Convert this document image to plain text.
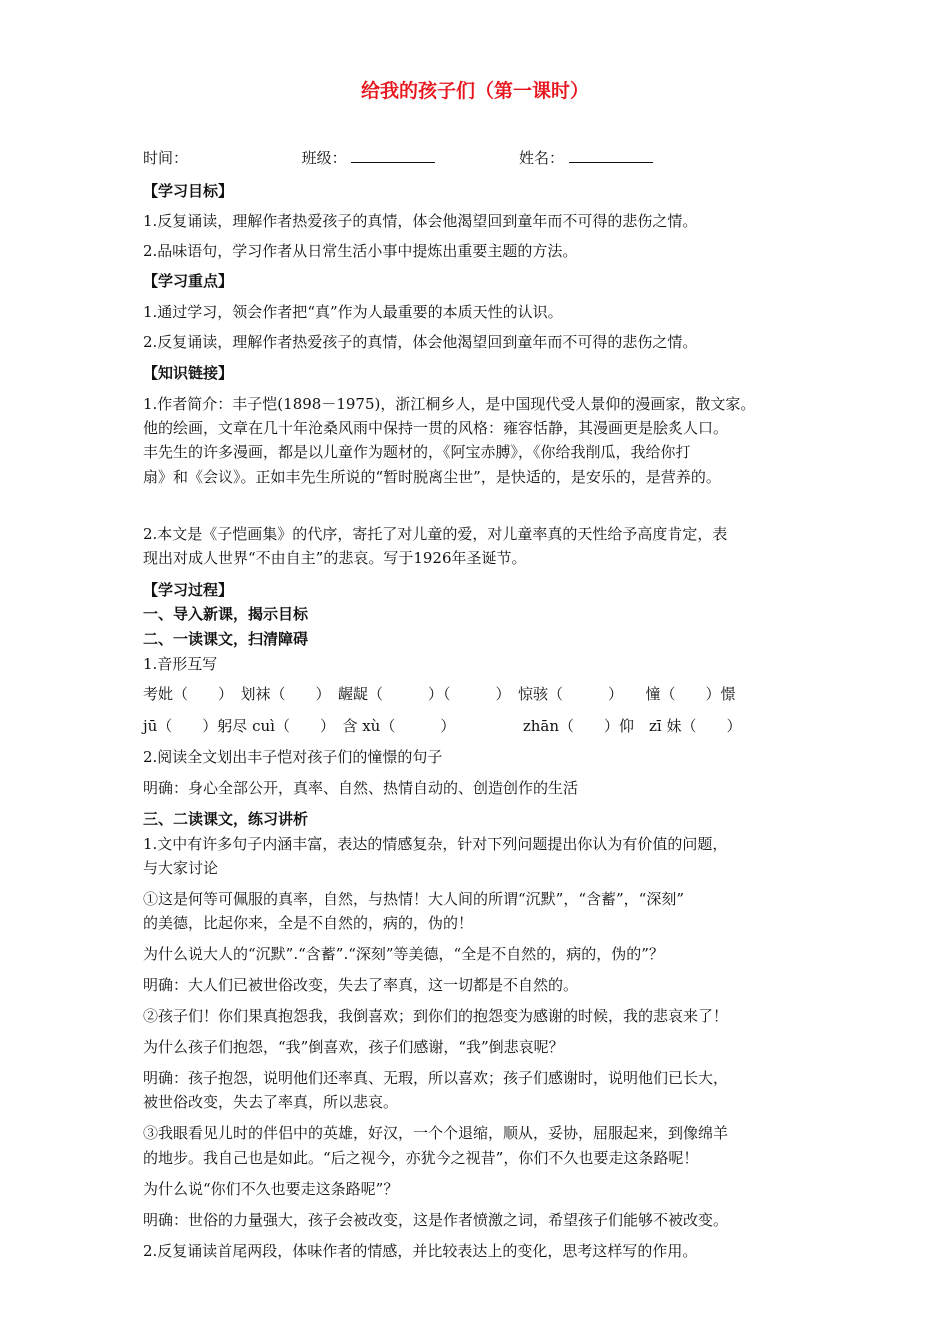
给我的孩子们（第一课时）
时间：	班级：	姓名：
【学习目标】
1.反复诵读，理解作者热爱孩子的真情，体会他渴望回到童年而不可得的悲伤之情。
2.品味语句，学习作者从日常生活小事中提炼出重要主题的方法。
【学习重点】
1.通过学习，领会作者把“真”作为人最重要的本质天性的认识。
2.反复诵读，理解作者热爱孩子的真情，体会他渴望回到童年而不可得的悲伤之情。
【知识链接】
1.作者简介：丰子恺(1898－1975)，浙江桐乡人，是中国现代受人景仰的漫画家，散文家。
他的绘画，文章在几十年沧桑风雨中保持一贯的风格：雍容恬静，其漫画更是脍炙人口。
丰先生的许多漫画，都是以儿童作为题材的，《阿宝赤膊》，《你给我削瓜，我给你打
扇》和《会议》。正如丰先生所说的“暂时脱离尘世”，是快适的，是安乐的，是营养的。
2.本文是《子恺画集》的代序，寄托了对儿童的爱，对儿童率真的天性给予高度肯定，表
现出对成人世界“不由自主”的悲哀。写于1926年圣诞节。
【学习过程】
一、导入新课，揭示目标
二、一读课文，扫清障碍
1.音形互写
考妣（　　）　划袜（　　）　龌龊（　　　）（　　　）　惊骇（　　　）　　憧（　　）憬
jū（　　）躬尽 cuì（　　）　含 xù（　　　）　　　　　zhān（　　）仰　zī 妹（　　）
2.阅读全文划出丰子恺对孩子们的憧憬的句子
明确：身心全部公开，真率、自然、热情自动的、创造创作的生活
三、二读课文，练习讲析
1.文中有许多句子内涵丰富，表达的情感复杂，针对下列问题提出你认为有价值的问题，
与大家讨论
①这是何等可佩服的真率，自然，与热情！大人间的所谓“沉默”，“含蓄”，“深刻”
的美德，比起你来，全是不自然的，病的，伪的！
为什么说大人的“沉默”.“含蓄”.“深刻”等美德，“全是不自然的，病的，伪的”？
明确：大人们已被世俗改变，失去了率真，这一切都是不自然的。
②孩子们！你们果真抱怨我，我倒喜欢；到你们的抱怨变为感谢的时候，我的悲哀来了！
为什么孩子们抱怨，“我”倒喜欢，孩子们感谢，“我”倒悲哀呢？
明确：孩子抱怨，说明他们还率真、无瑕，所以喜欢；孩子们感谢时，说明他们已长大，
被世俗改变，失去了率真，所以悲哀。
③我眼看见儿时的伴侣中的英雄，好汉，一个个退缩，顺从，妥协，屈服起来，到像绵羊
的地步。我自己也是如此。“后之视今，亦犹今之视昔”，你们不久也要走这条路呢！
为什么说“你们不久也要走这条路呢”？
明确：世俗的力量强大，孩子会被改变，这是作者愤激之词，希望孩子们能够不被改变。
2.反复诵读首尾两段，体味作者的情感，并比较表达上的变化，思考这样写的作用。
